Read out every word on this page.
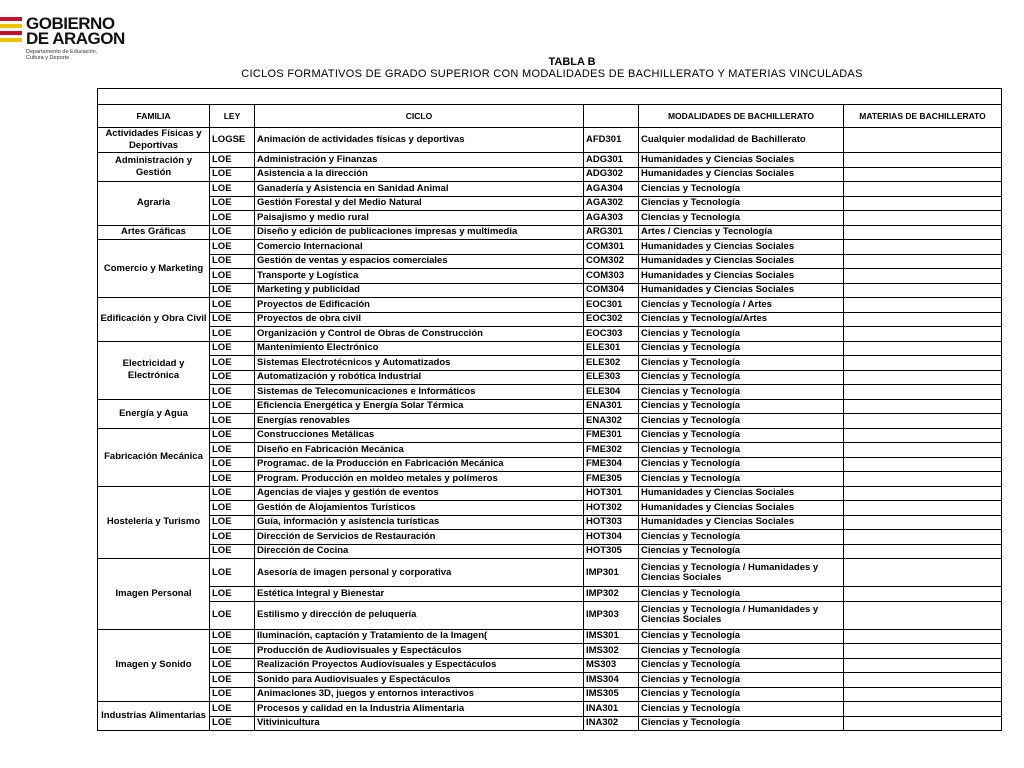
GOBIERNO
DE ARAGON
Departamento de Educación,
Cultura y Deporte	TABLA B
CICLOS FORMATIVOS DE GRADO SUPERIOR CON MODALIDADES DE BACHILLERATO Y MATERIAS VINCULADAS

FAMILIA	LEY	CICLO		MODALIDADES DE BACHILLERATO	MATERIAS DE BACHILLERATO
Actividades Físicas y Deportivas	LOGSE	Animación de actividades físicas y deportivas	AFD301	Cualquier modalidad de Bachillerato	
Administración y Gestión	LOE	Administración y Finanzas	ADG301	Humanidades y Ciencias Sociales	
	LOE	Asistencia a la dirección	ADG302	Humanidades y Ciencias Sociales	
Agraria	LOE	Ganadería y Asistencia en Sanidad Animal	AGA304	Ciencias y Tecnología	
	LOE	Gestión Forestal y del Medio Natural	AGA302	Ciencias y Tecnología	
	LOE	Paisajismo y medio rural	AGA303	Ciencias y Tecnología	
Artes Gráficas	LOE	Diseño y edición de publicaciones impresas y multimedia	ARG301	Artes / Ciencias y Tecnología	
Comercio y Marketing	LOE	Comercio Internacional	COM301	Humanidades y Ciencias Sociales	
	LOE	Gestión de ventas y espacios comerciales	COM302	Humanidades y Ciencias Sociales	
	LOE	Transporte y Logística	COM303	Humanidades y Ciencias Sociales	
	LOE	Marketing y publicidad	COM304	Humanidades y Ciencias Sociales	
Edificación y Obra Civil	LOE	Proyectos de Edificación	EOC301	Ciencias y Tecnología / Artes	
	LOE	Proyectos de obra civil	EOC302	Ciencias y Tecnología/Artes	
	LOE	Organización y Control de Obras de Construcción	EOC303	Ciencias y Tecnología	
Electricidad y Electrónica	LOE	Mantenimiento Electrónico	ELE301	Ciencias y Tecnología	
	LOE	Sistemas Electrotécnicos y Automatizados	ELE302	Ciencias y Tecnología	
	LOE	Automatización y robótica Industrial	ELE303	Ciencias y Tecnología	
	LOE	Sistemas de Telecomunicaciones e Informáticos	ELE304	Ciencias y Tecnología	
Energía y Agua	LOE	Eficiencia Energética y Energía Solar Térmica	ENA301	Ciencias y Tecnología	
	LOE	Energías renovables	ENA302	Ciencias y Tecnología	
Fabricación Mecánica	LOE	Construcciones Metálicas	FME301	Ciencias y Tecnología	
	LOE	Diseño en Fabricación Mecánica	FME302	Ciencias y Tecnología	
	LOE	Programac. de la Producción en Fabricación Mecánica	FME304	Ciencias y Tecnología	
	LOE	Program. Producción en moldeo metales y polímeros	FME305	Ciencias y Tecnología	
Hostelería y Turismo	LOE	Agencias de viajes y gestión de eventos	HOT301	Humanidades y Ciencias Sociales	
	LOE	Gestión de Alojamientos Turísticos	HOT302	Humanidades y Ciencias Sociales	
	LOE	Guía, información y asistencia turísticas	HOT303	Humanidades y Ciencias Sociales	
	LOE	Dirección de Servicios de Restauración	HOT304	Ciencias y Tecnología	
	LOE	Dirección de Cocina	HOT305	Ciencias y Tecnología	
Imagen Personal	LOE	Asesoría de imagen personal y corporativa	IMP301	Ciencias y Tecnología / Humanidades y Ciencias Sociales	
	LOE	Estética Integral y Bienestar	IMP302	Ciencias y Tecnología	
	LOE	Estilismo y dirección de peluquería	IMP303	Ciencias y Tecnología / Humanidades y Ciencias Sociales	
Imagen y Sonido	LOE	Iluminación, captación y Tratamiento de la Imagen(	IMS301	Ciencias y Tecnología	
	LOE	Producción de Audiovisuales y Espectáculos	IMS302	Ciencias y Tecnología	
	LOE	Realización Proyectos Audiovisuales y Espectáculos	MS303	Ciencias y Tecnología	
	LOE	Sonido para Audiovisuales y Espectáculos	IMS304	Ciencias y Tecnología	
	LOE	Animaciones 3D, juegos y entornos interactivos	IMS305	Ciencias y Tecnología	
Industrias Alimentarias	LOE	Procesos y calidad en la Industria Alimentaria	INA301	Ciencias y Tecnología	
	LOE	Vitivinicultura	INA302	Ciencias y Tecnología	
